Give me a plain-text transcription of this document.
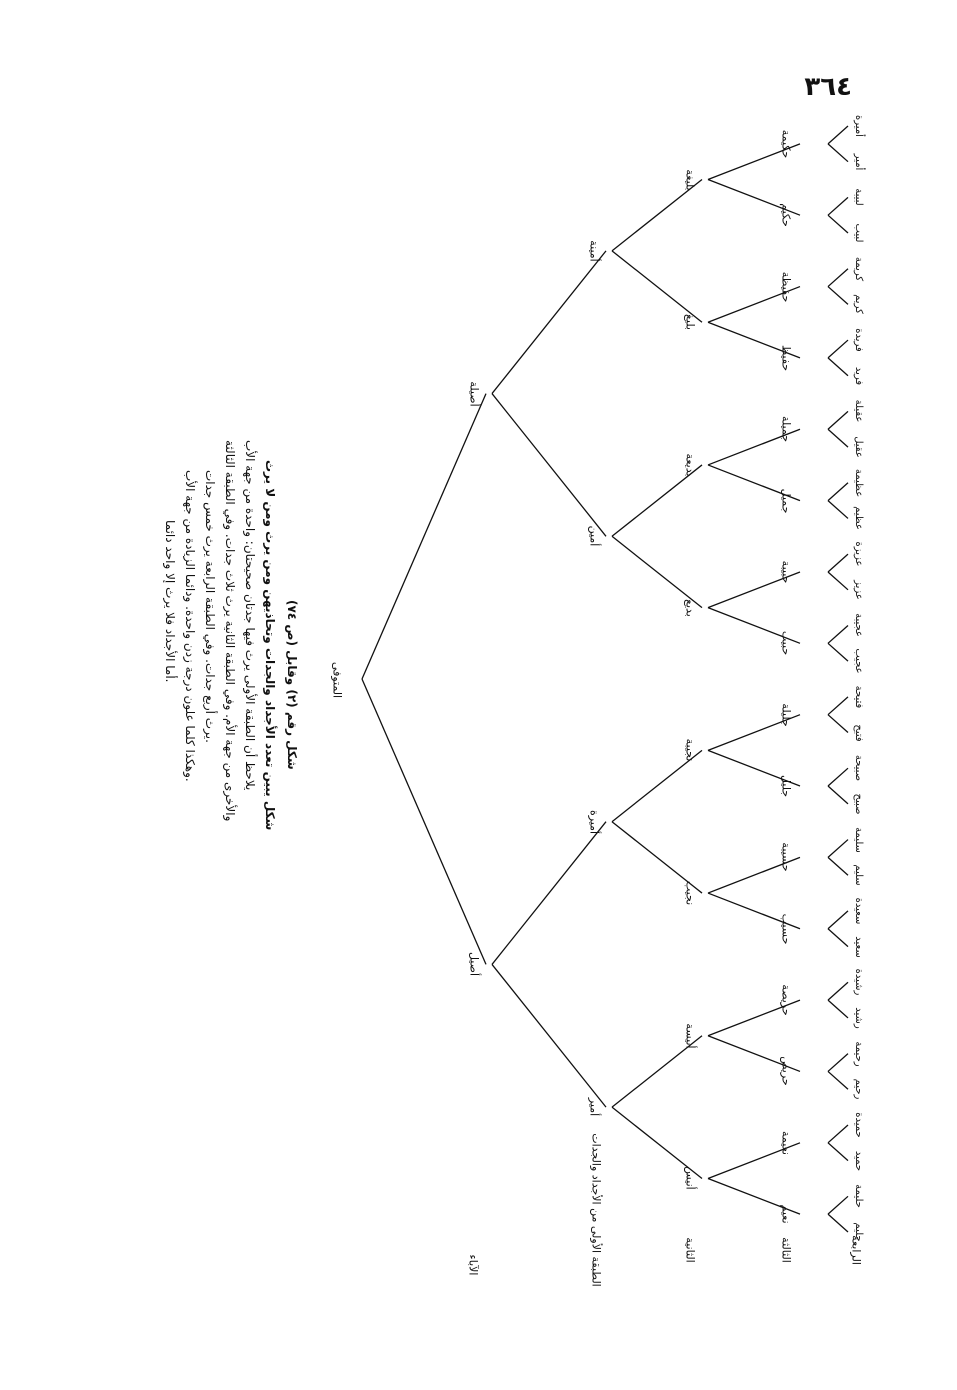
٣٦٤
المتوفى
الآباء	الطبقة الأولى من الأجداد والجدات	الثانية	الثالثة	الرابعة
أصيلة
أصيل
أمينة
أمين
أميرة
أمير
بليغة
بليغ
بديعة
بديع
نجيبة
نجيب
أنيسة
أنيس
حكيمة
حكيم
حفيظة
حفيظ
جميلة
جميل
حبيبة
حبيب
جليلة
جليل
حسيبة
حسيب
حريصة
حريص
نعيمة
نعيم
أميرة
أمير
لبيبة
لبيب
كريمة
كريم
فريدة
فريد
عقيلة
عقيل
عظيمة
عظيم
عزيزة
عزيز
عجيبة
عجيب
فتيحة
فتيح
صبيحة
صبيح
سليمة
سليم
سعيدة
سعيد
رشيدة
رشيد
رحيمة
رحيم
حميدة
حميد
حليمة
حليم
شكل رقم (٢) وقابل (ص ٧٤)
شكل يبين تعدد الأجداد والجدات وتحاذيهن ومن يرث ومن لا يرث
يلاحظ أن الطبقة الأولى يرث فيها جدتان صحيحتان: واحدة من جهة الأب
والأخرى من جهة الأم. وفي الطبقة الثانية يرث ثلاث جدات. وفي الطبقة الثالثة
يرث أربع جدات. وفي الطبقة الرابعة يرث خمس جدات.
وهكذا كلما علون درجة زدن واحدة. ودائما الزيادة من جهة الأب.
أما الأجداد فلا يرث إلا واحد دائما.
